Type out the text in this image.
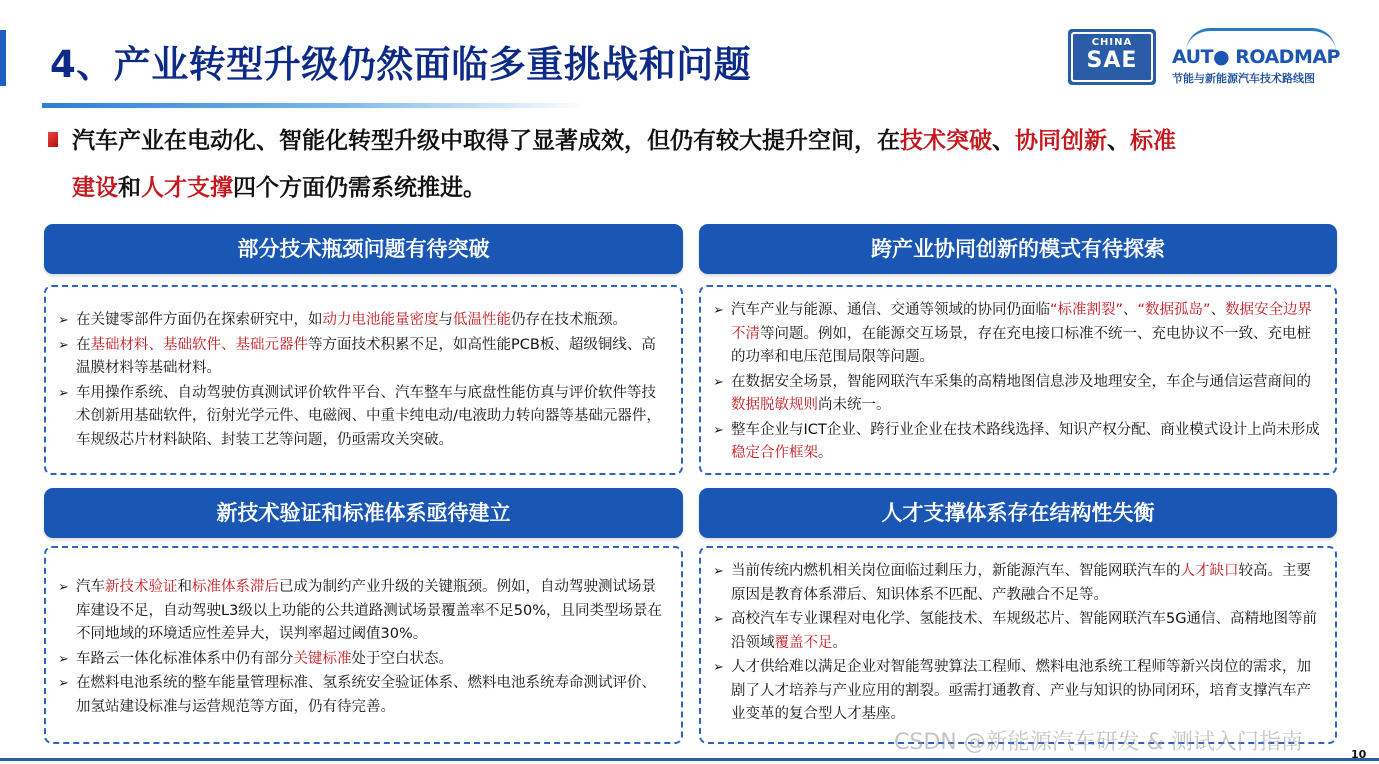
4、产业转型升级仍然面临多重挑战和问题
CHINA
SAE	AUT● ROADMAP
节能与新能源汽车技术路线图
汽车产业在电动化、智能化转型升级中取得了显著成效，但仍有较大提升空间，在技术突破、协同创新、标准
建设和人才支撑四个方面仍需系统推进。
部分技术瓶颈问题有待突破
➢ 在关键零部件方面仍在探索研究中，如动力电池能量密度与低温性能仍存在技术瓶颈。
➢ 在基础材料、基础软件、基础元器件等方面技术积累不足，如高性能PCB板、超级铜线、高温膜材料等基础材料。
➢ 车用操作系统、自动驾驶仿真测试评价软件平台、汽车整车与底盘性能仿真与评价软件等技术创新用基础软件，衍射光学元件、电磁阀、中重卡纯电动/电液助力转向器等基础元器件，车规级芯片材料缺陷、封装工艺等问题，仍亟需攻关突破。
跨产业协同创新的模式有待探索
➢ 汽车产业与能源、通信、交通等领域的协同仍面临“标准割裂”、“数据孤岛”、数据安全边界不清等问题。例如，在能源交互场景，存在充电接口标准不统一、充电协议不一致、充电桩的功率和电压范围局限等问题。
➢ 在数据安全场景，智能网联汽车采集的高精地图信息涉及地理安全，车企与通信运营商间的数据脱敏规则尚未统一。
➢ 整车企业与ICT企业、跨行业企业在技术路线选择、知识产权分配、商业模式设计上尚未形成稳定合作框架。
新技术验证和标准体系亟待建立
➢ 汽车新技术验证和标准体系滞后已成为制约产业升级的关键瓶颈。例如，自动驾驶测试场景库建设不足，自动驾驶L3级以上功能的公共道路测试场景覆盖率不足50%，且同类型场景在不同地域的环境适应性差异大，误判率超过阈值30%。
➢ 车路云一体化标准体系中仍有部分关键标准处于空白状态。
➢ 在燃料电池系统的整车能量管理标准、氢系统安全验证体系、燃料电池系统寿命测试评价、加氢站建设标准与运营规范等方面，仍有待完善。
人才支撑体系存在结构性失衡
➢ 当前传统内燃机相关岗位面临过剩压力，新能源汽车、智能网联汽车的人才缺口较高。主要原因是教育体系滞后、知识体系不匹配、产教融合不足等。
➢ 高校汽车专业课程对电化学、氢能技术、车规级芯片、智能网联汽车5G通信、高精地图等前沿领域覆盖不足。
➢ 人才供给难以满足企业对智能驾驶算法工程师、燃料电池系统工程师等新兴岗位的需求，加剧了人才培养与产业应用的割裂。亟需打通教育、产业与知识的协同闭环，培育支撑汽车产业变革的复合型人才基座。
CSDN @新能源汽车研发 & 测试入门指南	10
